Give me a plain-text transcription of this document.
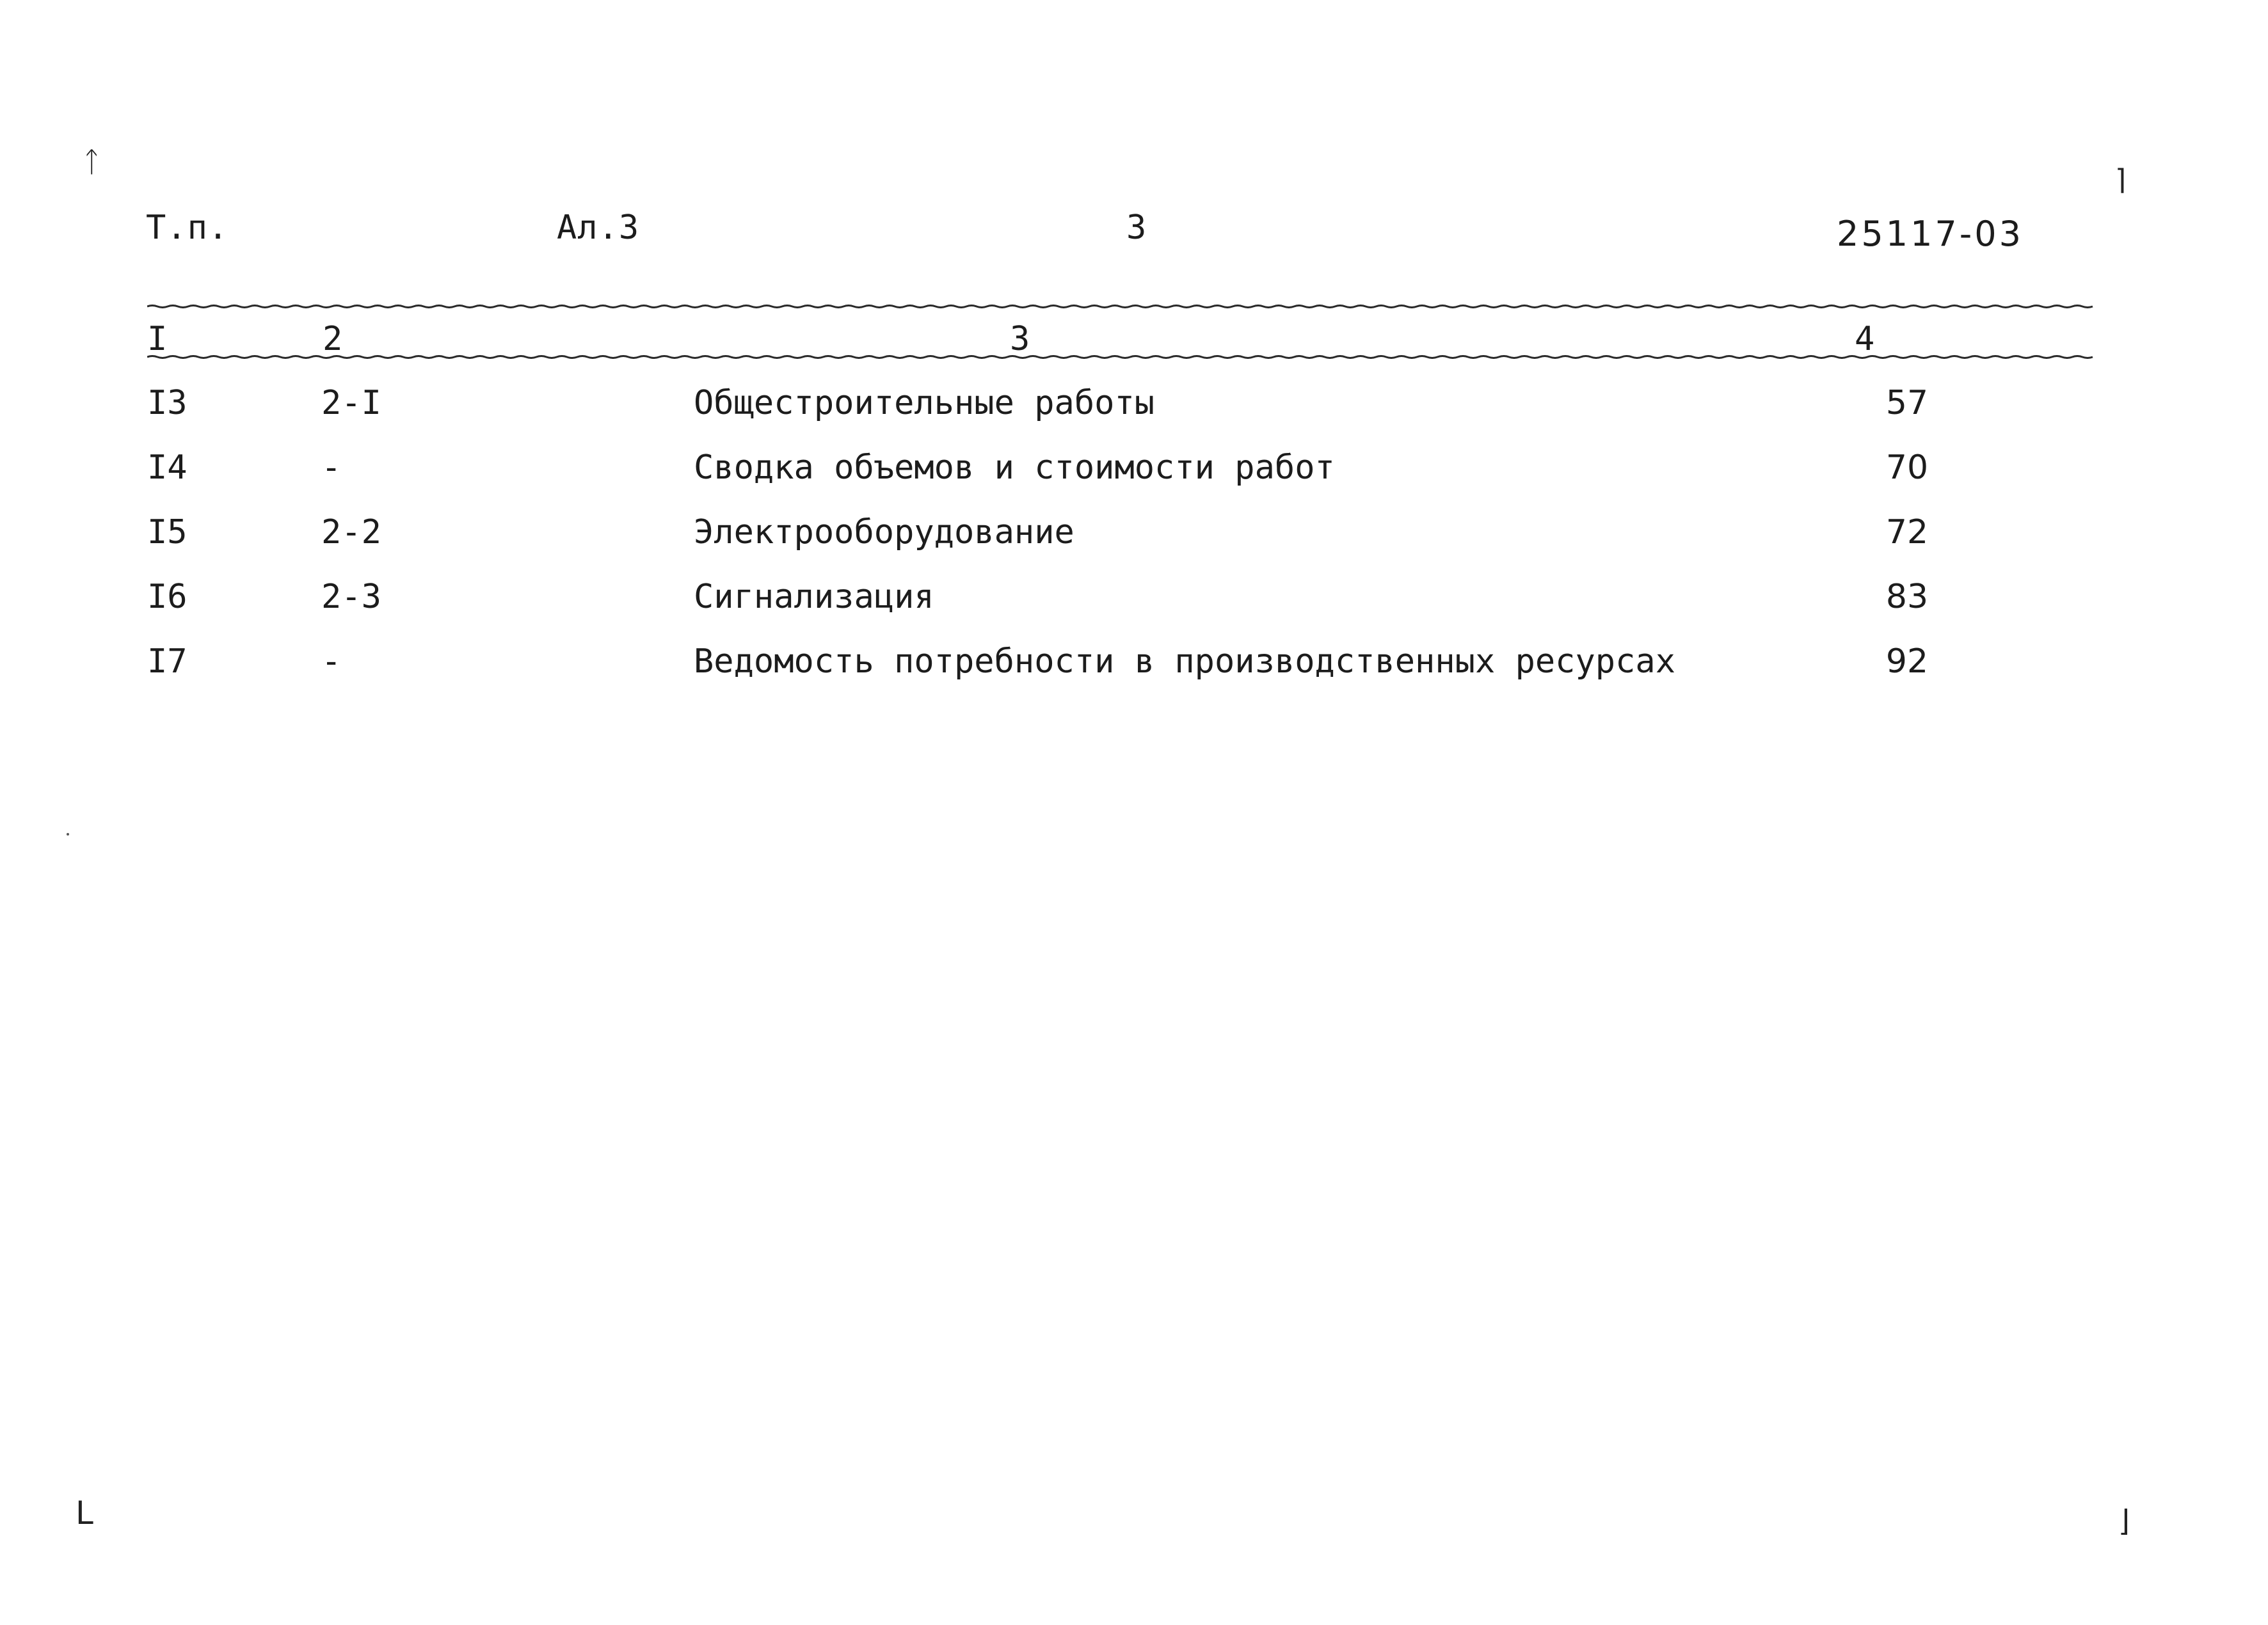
ᛏ
⌉
L	⌋
Т.п.	Ал.3	3	25117-03
I	2	3	4
I3	2-I	Общестроительные работы	57
I4	-	Сводка объемов и стоимости работ	70
I5	2-2	Электрооборудование	72
I6	2-3	Сигнализация	83
I7	-	Ведомость потребности в производственных ресурсах	92
